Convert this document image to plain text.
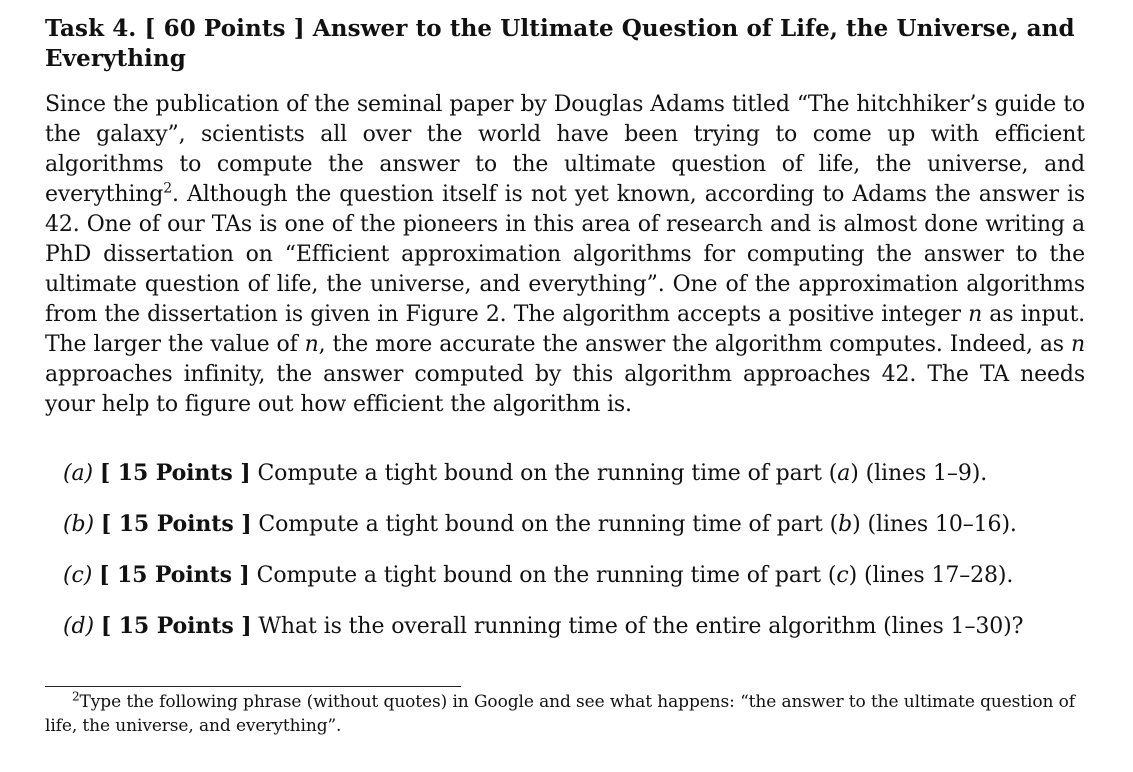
Task 4. [ 60 Points ] Answer to the Ultimate Question of Life, the Universe, and Everything

Since the publication of the seminal paper by Douglas Adams titled “The hitchhiker’s guide to the galaxy”, scientists all over the world have been trying to come up with efficient algorithms to compute the answer to the ultimate question of life, the universe, and everything$^2$. Although the question itself is not yet known, according to Adams the answer is 42. One of our TAs is one of the pioneers in this area of research and is almost done writing a PhD dissertation on “Efficient approximation algorithms for computing the answer to the ultimate question of life, the universe, and everything”. One of the approximation algorithms from the dissertation is given in Figure 2. The algorithm accepts a positive integer n as input. The larger the value of n, the more accurate the answer the algorithm computes. Indeed, as n approaches infinity, the answer computed by this algorithm approaches 42. The TA needs your help to figure out how efficient the algorithm is.

(a) [ 15 Points ] Compute a tight bound on the running time of part (a) (lines 1–9).
(b) [ 15 Points ] Compute a tight bound on the running time of part (b) (lines 10–16).
(c) [ 15 Points ] Compute a tight bound on the running time of part (c) (lines 17–28).
(d) [ 15 Points ] What is the overall running time of the entire algorithm (lines 1–30)?

$^2$Type the following phrase (without quotes) in Google and see what happens: “the answer to the ultimate question of life, the universe, and everything”.
